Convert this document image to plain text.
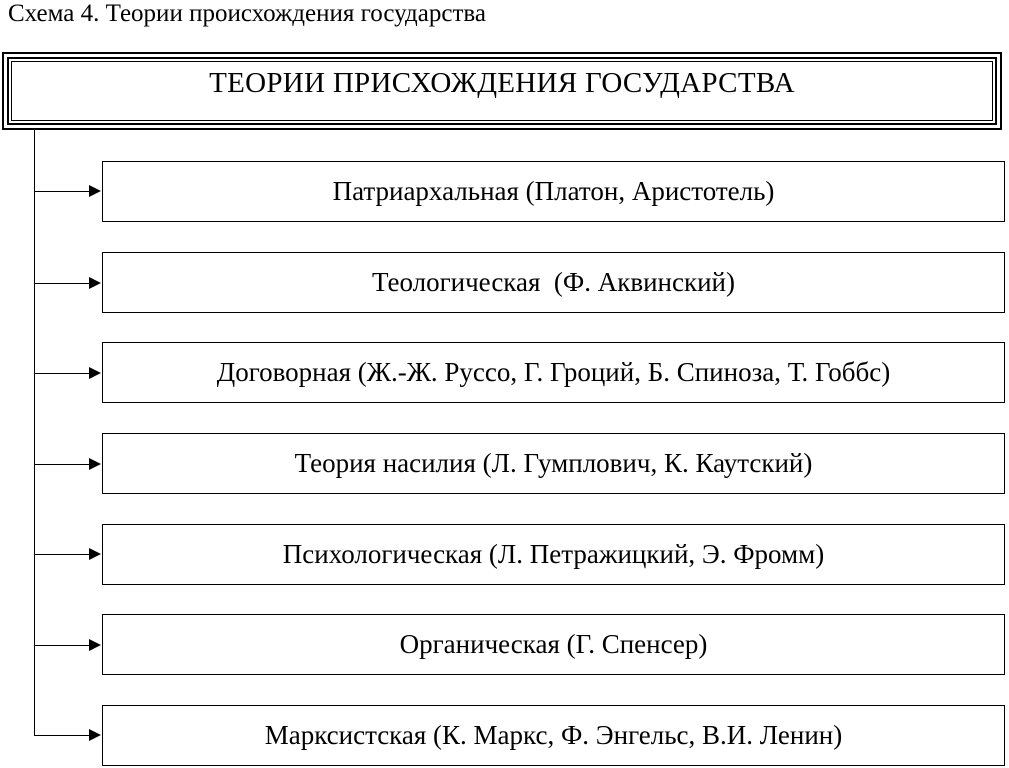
Схема 4. Теории происхождения государства
ТЕОРИИ ПРИСХОЖДЕНИЯ ГОСУДАРСТВА
Патриархальная (Платон, Аристотель)
Теологическая  (Ф. Аквинский)
Договорная (Ж.-Ж. Руссо, Г. Гроций, Б. Спиноза, Т. Гоббс)
Теория насилия (Л. Гумплович, К. Каутский)
Психологическая (Л. Петражицкий, Э. Фромм)
Органическая (Г. Спенсер)
Марксистская (К. Маркс, Ф. Энгельс, В.И. Ленин)
